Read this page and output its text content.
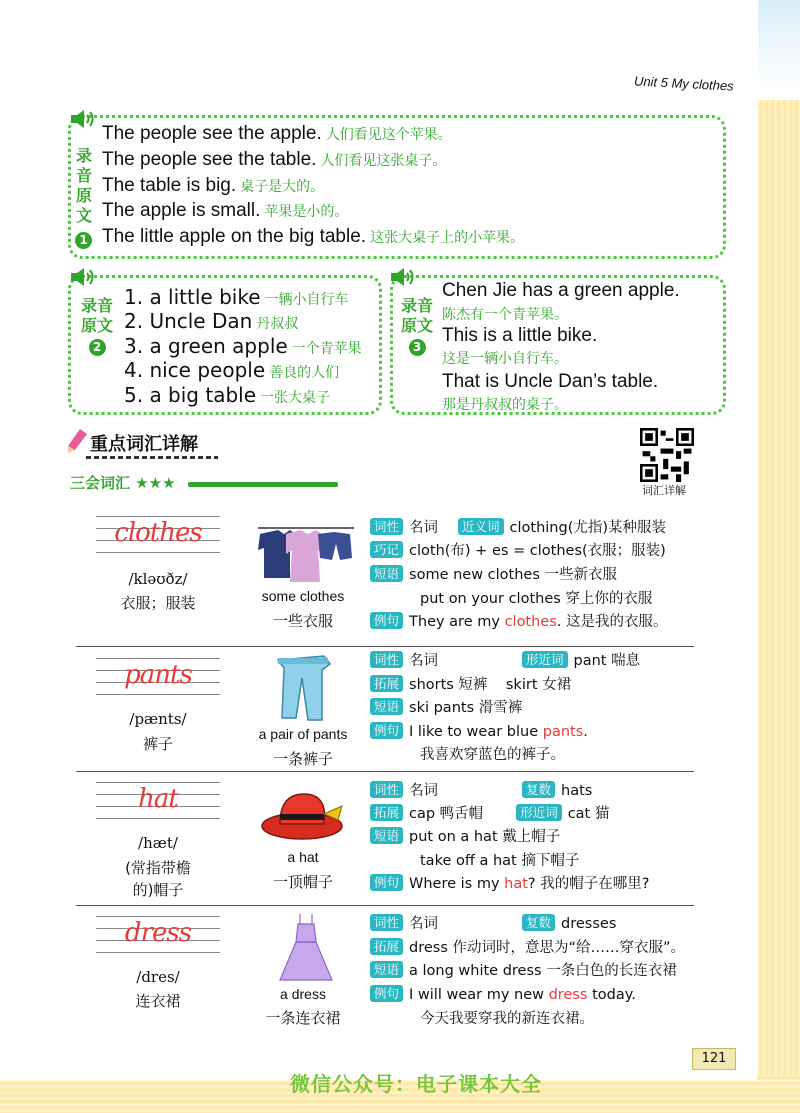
Unit 5 My clothes
录
音
原
文
1
The people see the apple. 人们看见这个苹果。
The people see the table. 人们看见这张桌子。
The table is big. 桌子是大的。
The apple is small. 苹果是小的。
The little apple on the big table. 这张大桌子上的小苹果。
录音
原文
2
1. a little bike 一辆小自行车
2. Uncle Dan 丹叔叔
3. a green apple 一个青苹果
4. nice people 善良的人们
5. a big table 一张大桌子
录音
原文
3
Chen Jie has a green apple.
陈杰有一个青苹果。
This is a little bike.
这是一辆小自行车。
That is Uncle Dan’s table.
那是丹叔叔的桌子。
重点词汇详解
三会词汇 ★★★	词汇详解
clothes
/kləʊðz/
衣服；服装	some clothes
一些衣服
词性 名词 近义词 clothing(尤指)某种服装
巧记 cloth(布) + es = clothes(衣服；服装)
短语 some new clothes 一些新衣服
put on your clothes 穿上你的衣服
例句 They are my clothes. 这是我的衣服。
pants
/pænts/
裤子
a pair of pants
一条裤子
词性 名词	形近词 pant 喘息
拓展 shorts 短裤    skirt 女裙
短语 ski pants 滑雪裤
例句 I like to wear blue pants.
我喜欢穿蓝色的裤子。
hat
/hæt/
(常指带檐
的)帽子
a hat
一顶帽子
词性 名词	复数 hats
拓展 cap 鸭舌帽	形近词 cat 猫
短语 put on a hat 戴上帽子
take off a hat 摘下帽子
例句 Where is my hat? 我的帽子在哪里?
dress
/dres/
连衣裙	a dress
一条连衣裙
词性 名词	复数 dresses
拓展 dress 作动词时，意思为“给……穿衣服”。
短语 a long white dress 一条白色的长连衣裙
例句 I will wear my new dress today.
今天我要穿我的新连衣裙。
121
微信公众号：电子课本大全
